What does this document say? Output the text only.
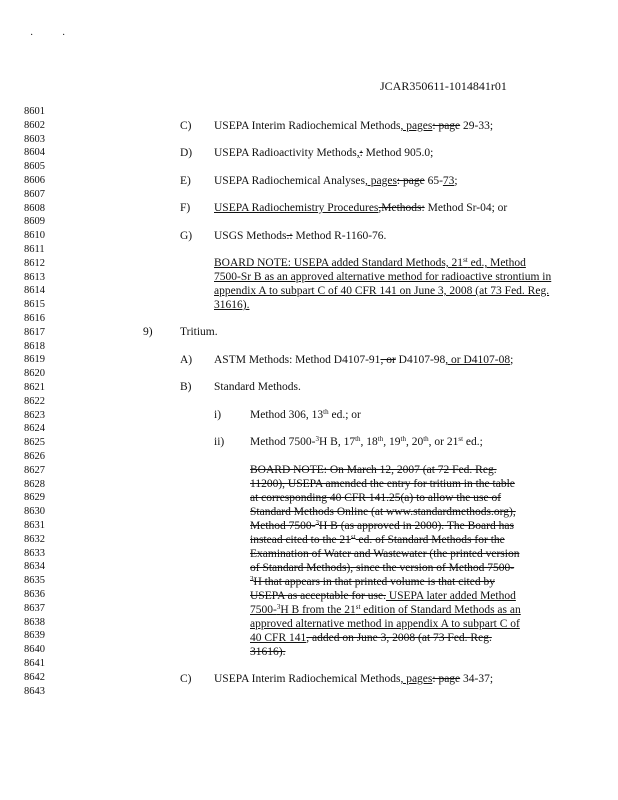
·	·
JCAR350611-1014841r01
8601
8602
8603
8604
8605
8606
8607
8608
8609
8610
8611
8612
8613
8614
8615
8616
8617
8618
8619
8620
8621
8622
8623
8624
8625
8626
8627
8628
8629
8630
8631
8632
8633
8634
8635
8636
8637
8638
8639
8640
8641
8642
8643
C) USEPA Interim Radiochemical Methods, pages: page 29-33;
D) USEPA Radioactivity Methods,: Method 905.0;
E) USEPA Radiochemical Analyses, pages: page 65-73;
F) USEPA Radiochemistry Procedures,Methods: Method Sr-04; or
G) USGS Methods.: Method R-1160-76.
BOARD NOTE: USEPA added Standard Methods, 21st ed., Method
7500-Sr B as an approved alternative method for radioactive strontium in
appendix A to subpart C of 40 CFR 141 on June 3, 2008 (at 73 Fed. Reg.
31616).
9) Tritium.
A) ASTM Methods: Method D4107-91, or D4107-98, or D4107-08;
B) Standard Methods.
i)	Method 306, 13th ed.; or
ii) Method 7500-$^3$H B, 17th, 18th, 19th, 20th, or 21st ed.;
BOARD NOTE: On March 12, 2007 (at 72 Fed. Reg.
11200), USEPA amended the entry for tritium in the table
at corresponding 40 CFR 141.25(a) to allow the use of
Standard Methods Online (at www.standardmethods.org),
Method 7500-$^3$H B (as approved in 2000). The Board has
instead cited to the 21st ed. of Standard Methods for the
Examination of Water and Wastewater (the printed version
of Standard Methods), since the version of Method 7500-
$^3$H that appears in that printed volume is that cited by
USEPA as acceptable for use. USEPA later added Method
7500-$^3$H B from the 21st edition of Standard Methods as an
approved alternative method in appendix A to subpart C of
40 CFR 141, added on June 3, 2008 (at 73 Fed. Reg.
31616).
C) USEPA Interim Radiochemical Methods, pages: page 34-37;
